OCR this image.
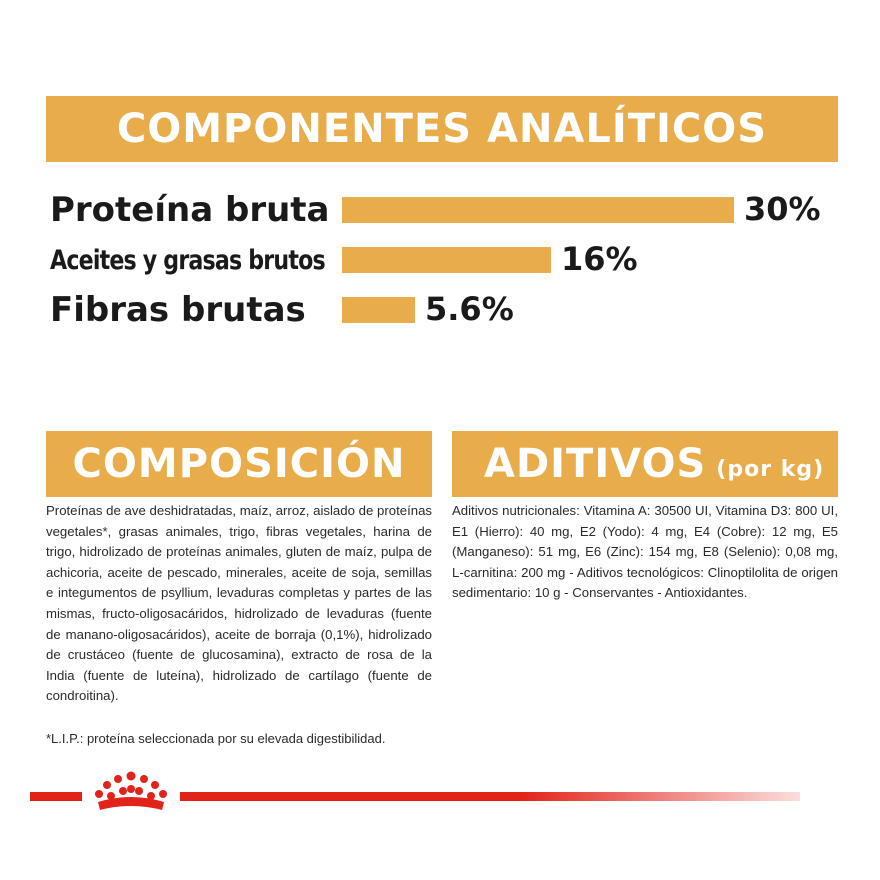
COMPONENTES ANALÍTICOS
Proteína bruta	30%
Aceites y grasas brutos	16%
Fibras brutas	5.6%
COMPOSICIÓN
Proteínas de ave deshidratadas, maíz, arroz, aislado de proteínas vegetales*, grasas animales, trigo, fibras vegetales, harina de trigo, hidrolizado de proteínas animales, gluten de maíz, pulpa de achicoria, aceite de pescado, minerales, aceite de soja, semillas e integumentos de psyllium, levaduras completas y partes de las mismas, fructo-oligosacáridos, hidrolizado de levaduras (fuente de manano-oligosacáridos), aceite de borraja (0,1%), hidrolizado de crustáceo (fuente de glucosamina), extracto de rosa de la India (fuente de luteína), hidrolizado de cartílago (fuente de condroitina).
*L.I.P.: proteína seleccionada por su elevada digestibilidad.
ADITIVOS (por kg)
Aditivos nutricionales: Vitamina A: 30500 UI, Vitamina D3: 800 UI, E1 (Hierro): 40 mg, E2 (Yodo): 4 mg, E4 (Cobre): 12 mg, E5 (Manganeso): 51 mg, E6 (Zinc): 154 mg, E8 (Selenio): 0,08 mg, L-carnitina: 200 mg - Aditivos tecnológicos: Clinoptilolita de origen sedimentario: 10 g - Conservantes - Antioxidantes.
